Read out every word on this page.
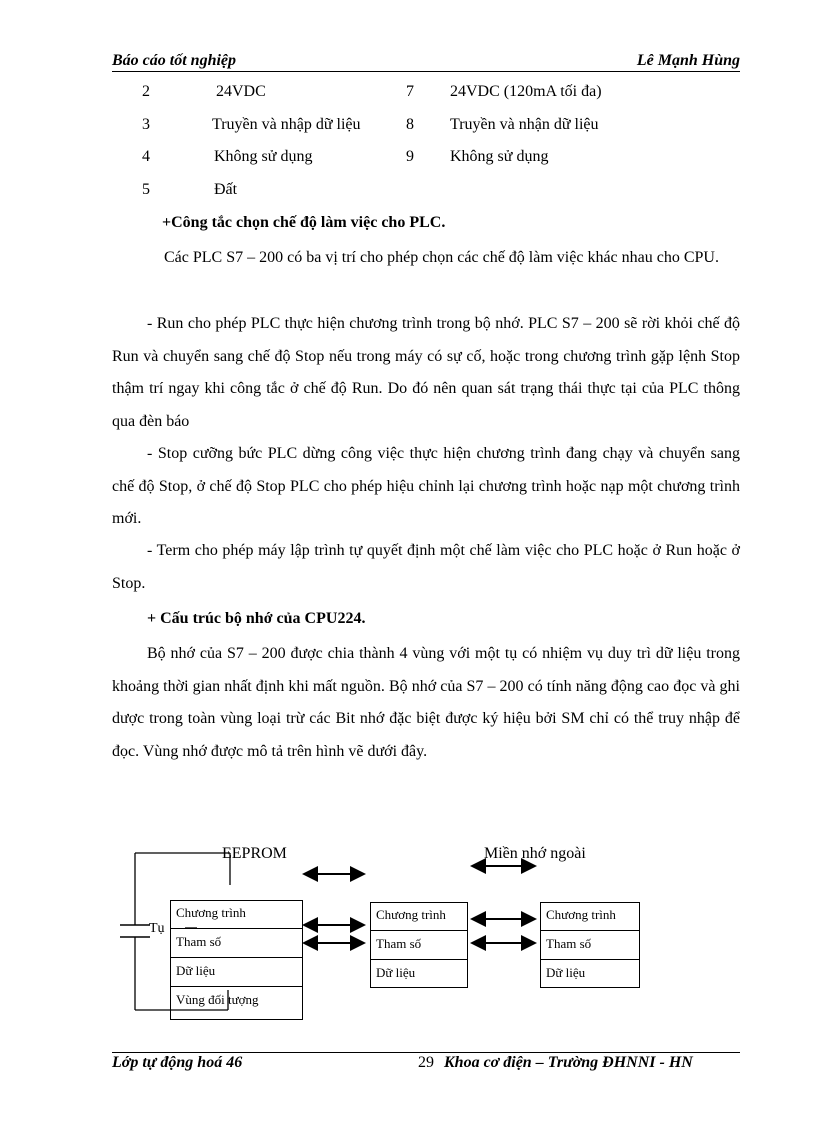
Báo cáo tốt nghiệp	Lê Mạnh Hùng
2	24VDC	7 24VDC (120mA tối đa)
3	Truyền và nhập dữ liệu	8 Truyền và nhận dữ liệu
4	Không sử dụng	9 Không sử dụng
5	Đất
+Công tắc chọn chế độ làm việc cho PLC.
Các PLC S7 – 200 có ba vị trí cho phép chọn các chế độ làm việc khác nhau cho CPU.
- Run cho phép PLC thực hiện chương trình trong bộ nhớ. PLC S7 – 200 sẽ rời khỏi chế độ Run và chuyển sang chế độ Stop nếu trong máy có sự cố, hoặc trong chương trình gặp lệnh Stop thậm trí ngay khi công tắc ở chế độ Run. Do đó nên quan sát trạng thái thực tại của PLC thông qua đèn báo
- Stop cưỡng bức PLC dừng công việc thực hiện chương trình đang chạy và chuyển sang chế độ Stop, ở chế độ Stop PLC cho phép hiệu chỉnh lại chương trình hoặc nạp một chương trình mới.
- Term cho phép máy lập trình tự quyết định một chế làm việc cho PLC hoặc ở Run hoặc ở Stop.
+ Cấu trúc bộ nhớ của CPU224.
Bộ nhớ của S7 – 200 được chia thành 4 vùng với một tụ có nhiệm vụ duy trì dữ liệu trong khoảng thời gian nhất định khi mất nguồn. Bộ nhớ của S7 – 200 có tính năng động cao đọc và ghi dược trong toàn vùng loại trừ các Bit nhớ đặc biệt được ký hiệu bởi SM chỉ có thể truy nhập để đọc. Vùng nhớ được mô tả trên hình vẽ dưới đây.
EEPROM	Miền nhớ ngoài
Tụ
Chương trình
Tham số
Dữ liệu
Vùng đối tượng
Chương trình
Tham số
Dữ liệu
Chương trình
Tham số
Dữ liệu
Lớp tự động hoá 46	29 Khoa cơ điện – Trường ĐHNNI - HN
